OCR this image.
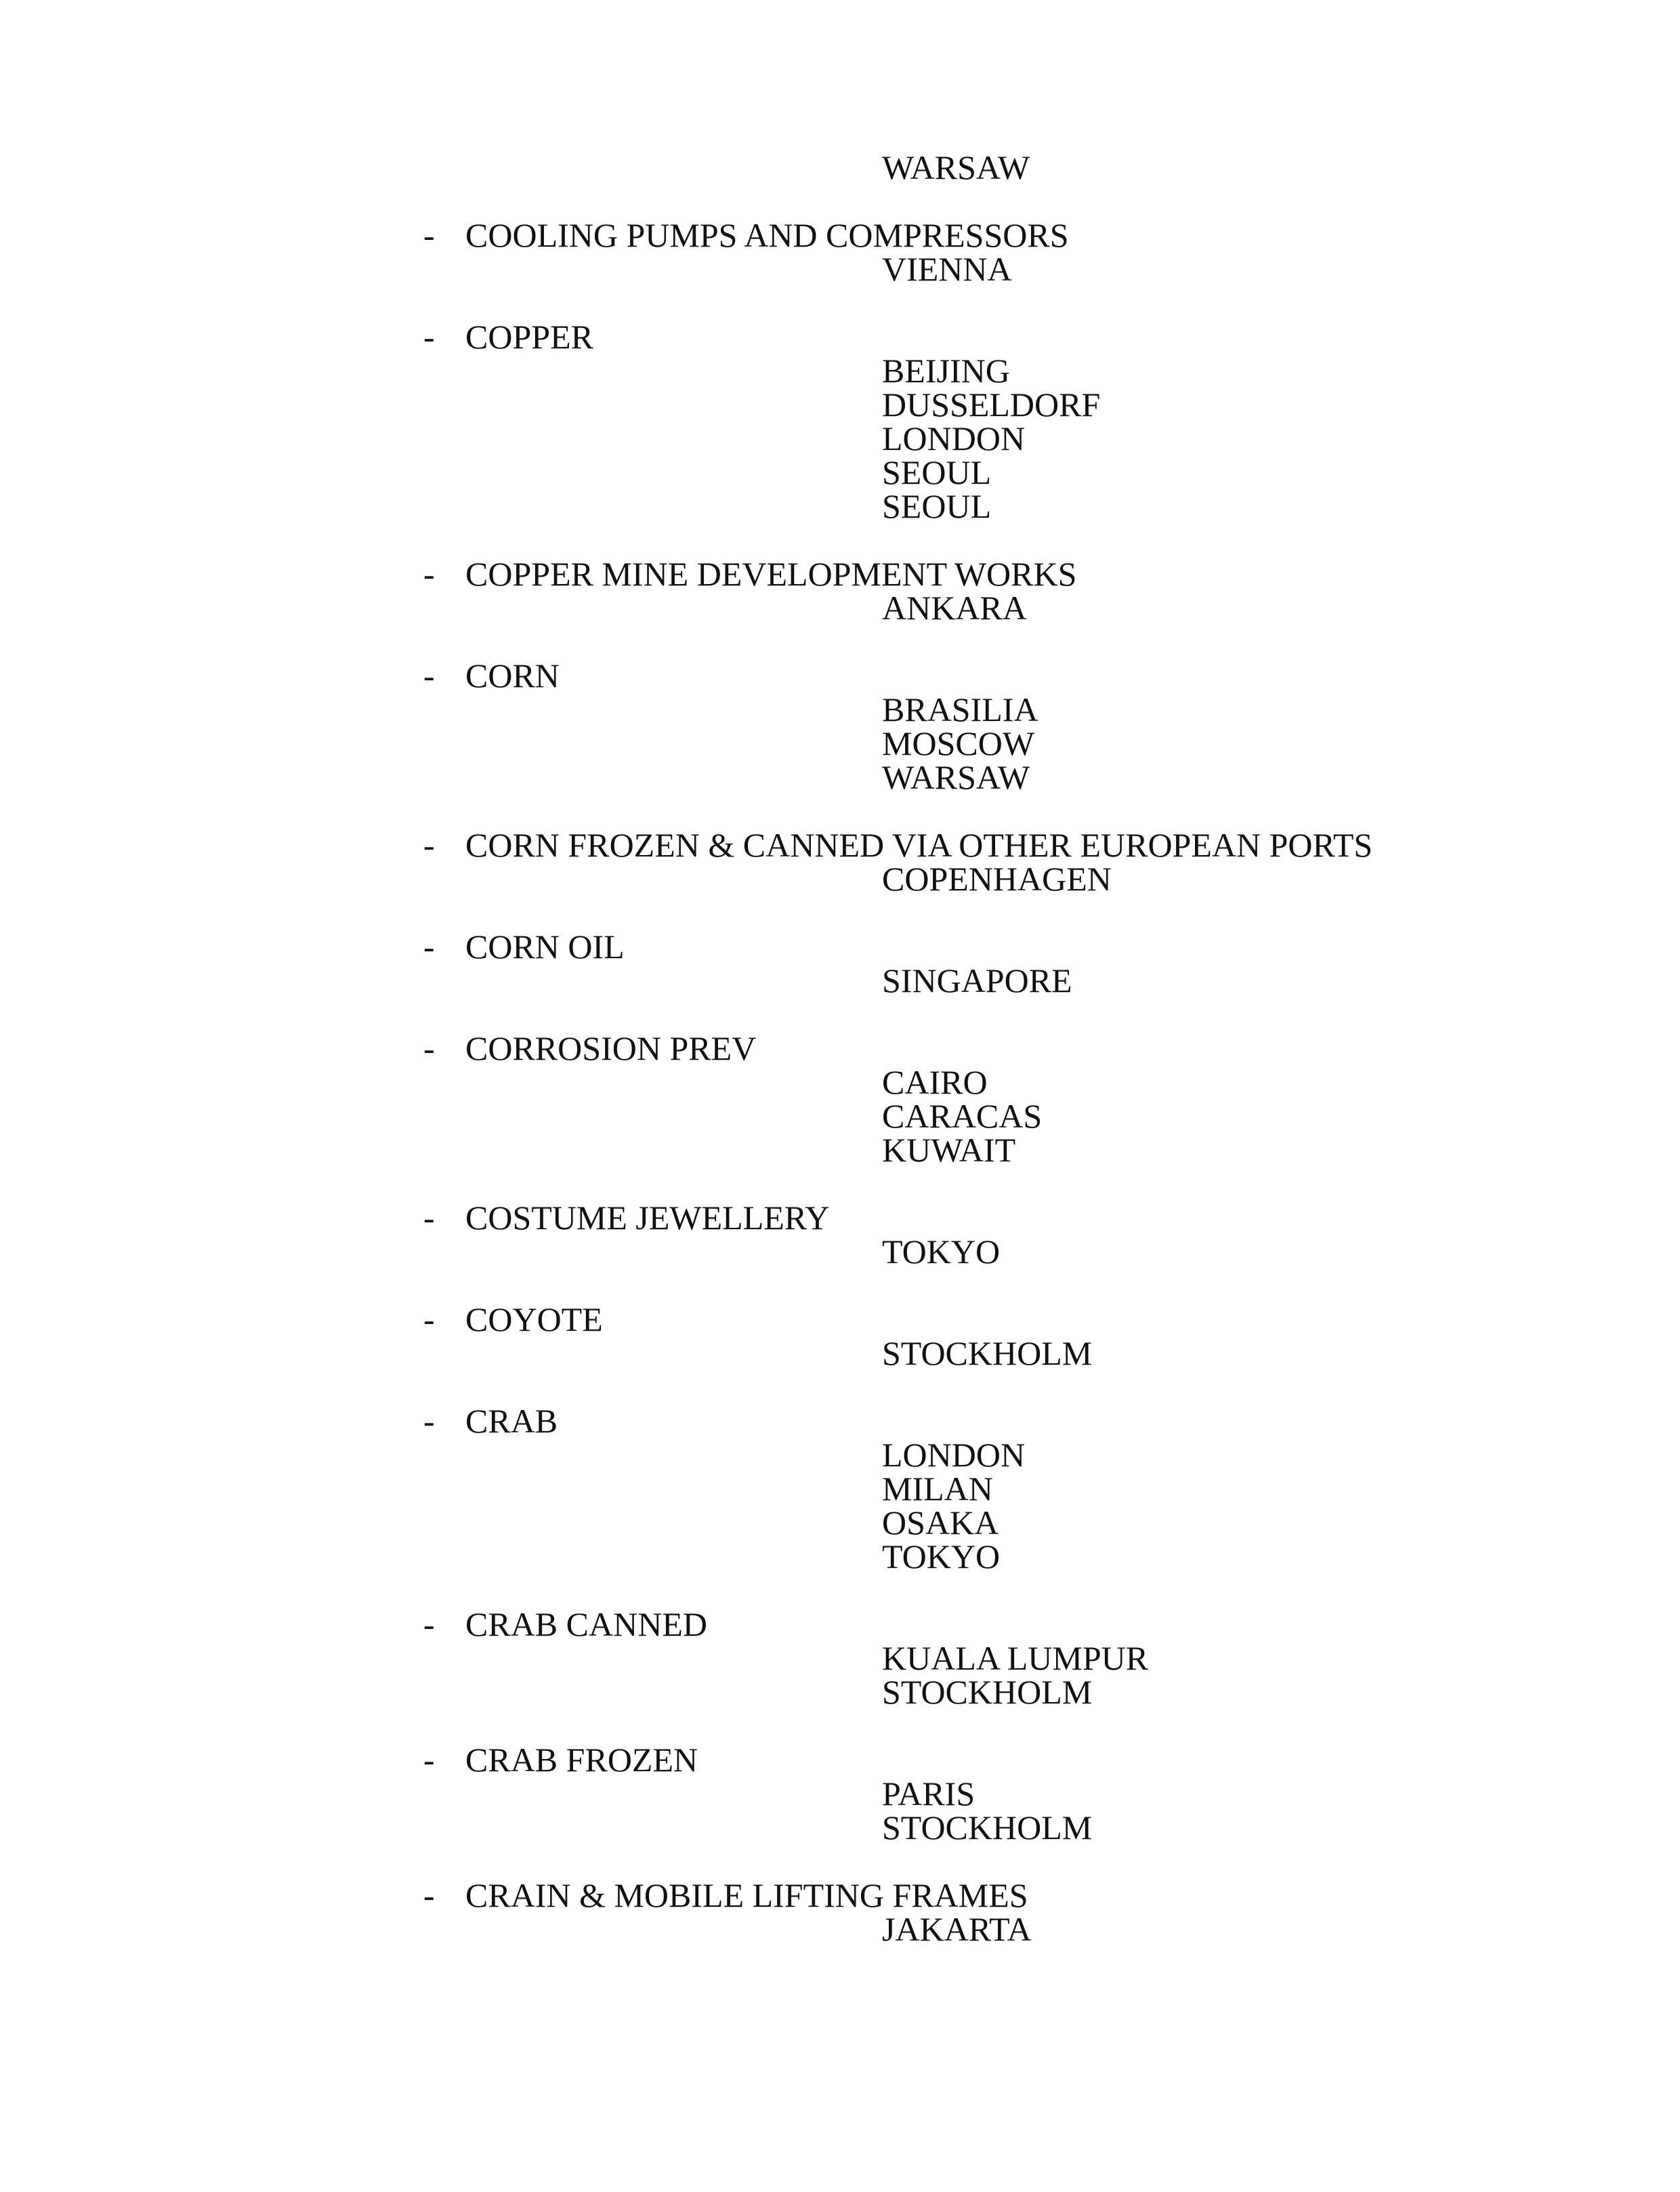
WARSAW
- COOLING PUMPS AND COMPRESSORS
VIENNA
- COPPER
BEIJING
DUSSELDORF
LONDON
SEOUL
SEOUL
- COPPER MINE DEVELOPMENT WORKS
ANKARA
- CORN
BRASILIA
MOSCOW
WARSAW
- CORN FROZEN & CANNED VIA OTHER EUROPEAN PORTS
COPENHAGEN
- CORN OIL
SINGAPORE
- CORROSION PREV
CAIRO
CARACAS
KUWAIT
- COSTUME JEWELLERY
TOKYO
- COYOTE
STOCKHOLM
- CRAB
LONDON
MILAN
OSAKA
TOKYO
- CRAB CANNED
KUALA LUMPUR
STOCKHOLM
- CRAB FROZEN
PARIS
STOCKHOLM
- CRAIN & MOBILE LIFTING FRAMES
JAKARTA
